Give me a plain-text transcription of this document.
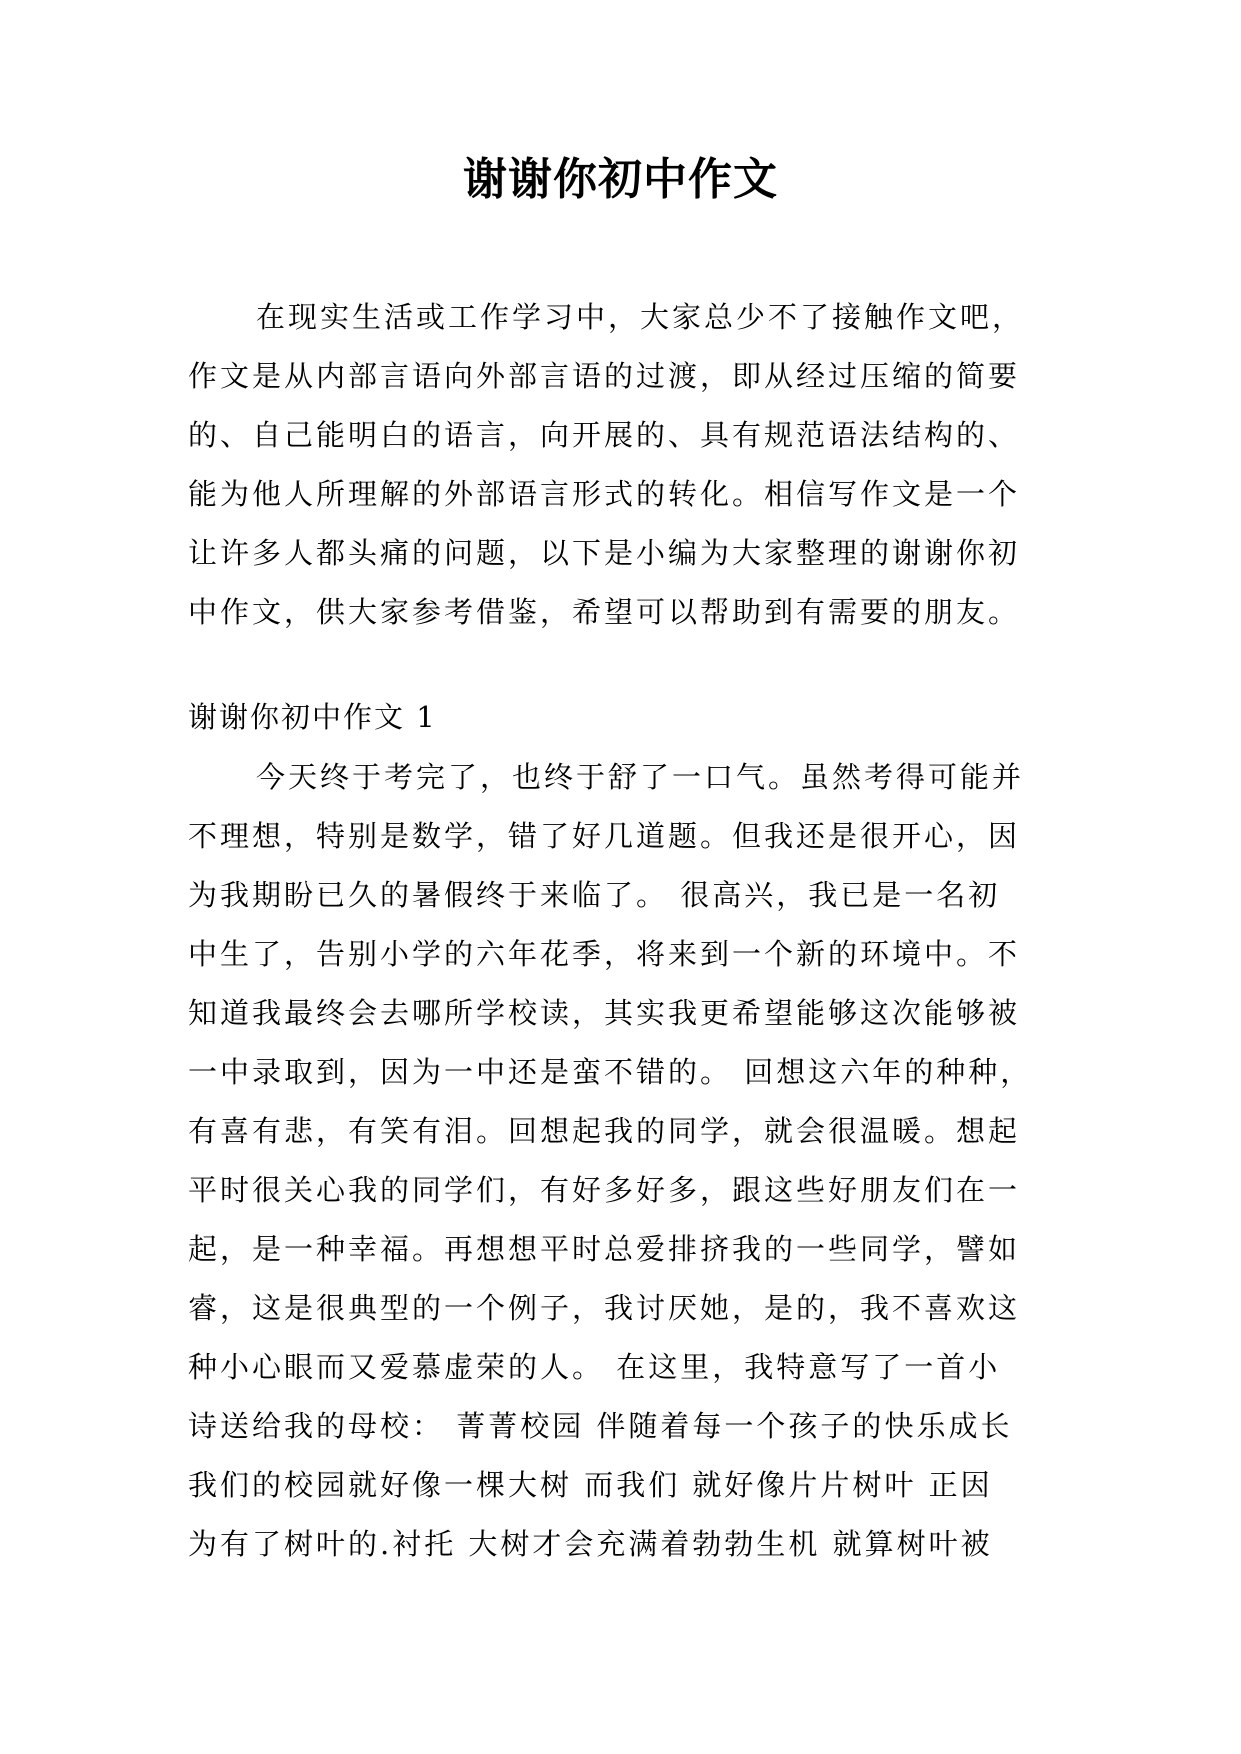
谢谢你初中作文
在现实生活或工作学习中，大家总少不了接触作文吧，
作文是从内部言语向外部言语的过渡，即从经过压缩的简要
的、自己能明白的语言，向开展的、具有规范语法结构的、
能为他人所理解的外部语言形式的转化。相信写作文是一个
让许多人都头痛的问题，以下是小编为大家整理的谢谢你初
中作文，供大家参考借鉴，希望可以帮助到有需要的朋友。
谢谢你初中作文 1
今天终于考完了，也终于舒了一口气。虽然考得可能并
不理想，特别是数学，错了好几道题。但我还是很开心，因
为我期盼已久的暑假终于来临了。 很高兴，我已是一名初
中生了，告别小学的六年花季，将来到一个新的环境中。不
知道我最终会去哪所学校读，其实我更希望能够这次能够被
一中录取到，因为一中还是蛮不错的。 回想这六年的种种，
有喜有悲，有笑有泪。回想起我的同学，就会很温暖。想起
平时很关心我的同学们，有好多好多，跟这些好朋友们在一
起，是一种幸福。再想想平时总爱排挤我的一些同学，譬如
睿，这是很典型的一个例子，我讨厌她，是的，我不喜欢这
种小心眼而又爱慕虚荣的人。 在这里，我特意写了一首小
诗送给我的母校： 菁菁校园 伴随着每一个孩子的快乐成长
我们的校园就好像一棵大树 而我们 就好像片片树叶 正因
为有了树叶的.衬托 大树才会充满着勃勃生机 就算树叶被
